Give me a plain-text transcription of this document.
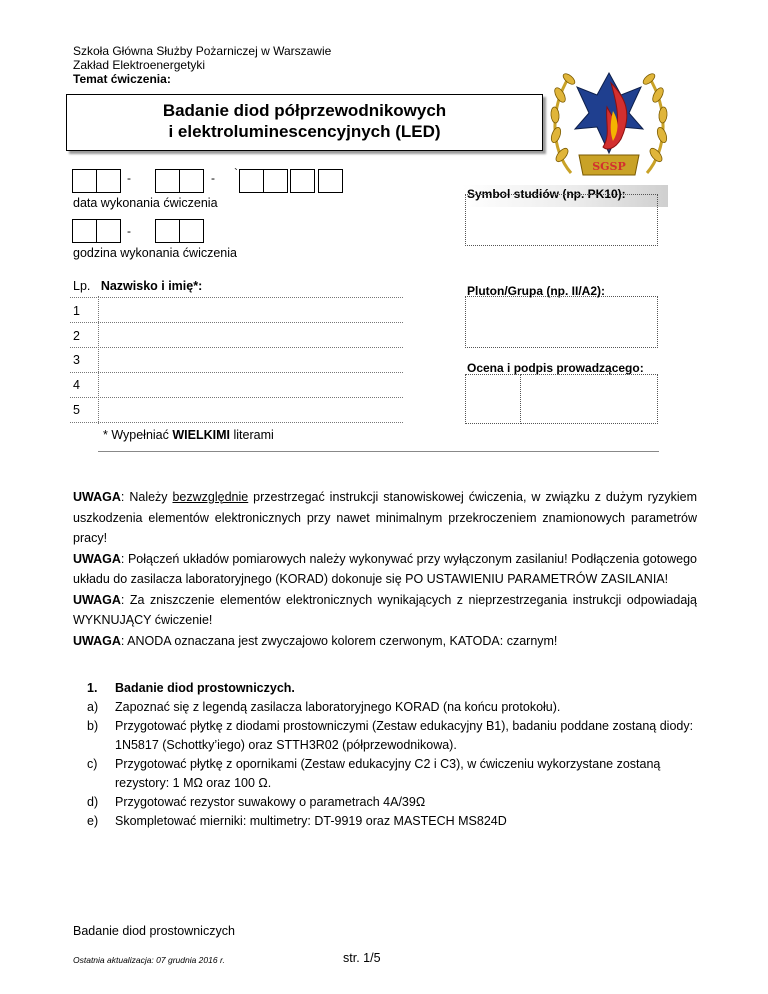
Szkoła Główna Służby Pożarniczej w Warszawie
Zakład Elektroenergetyki
Temat ćwiczenia:
Badanie diod półprzewodnikowych
i elektroluminescencyjnych (LED)
SGSP
-	- `
data wykonania ćwiczenia
-
godzina wykonania ćwiczenia
Lp. Nazwisko i imię*:
1
2
3
4
5
* Wypełniać WIELKIMI literami
Symbol studiów (np. PK10):
Pluton/Grupa (np. II/A2):
Ocena i podpis prowadzącego:
UWAGA: Należy bezwzględnie przestrzegać instrukcji stanowiskowej ćwiczenia, w związku z dużym ryzykiem uszkodzenia elementów elektronicznych przy nawet minimalnym przekroczeniem znamionowych parametrów pracy!
UWAGA: Połączeń układów pomiarowych należy wykonywać przy wyłączonym zasilaniu! Podłączenia gotowego układu do zasilacza laboratoryjnego (KORAD) dokonuje się PO USTAWIENIU PARAMETRÓW ZASILANIA!
UWAGA: Za zniszczenie elementów elektronicznych wynikających z nieprzestrzegania instrukcji odpowiadają WYKNUJĄCY ćwiczenie!
UWAGA: ANODA oznaczana jest zwyczajowo kolorem czerwonym, KATODA: czarnym!
1. Badanie diod prostowniczych.
a) Zapoznać się z legendą zasilacza laboratoryjnego KORAD (na końcu protokołu).
b) Przygotować płytkę z diodami prostowniczymi (Zestaw edukacyjny B1), badaniu poddane zostaną diody: 1N5817 (Schottky’iego) oraz STTH3R02 (półprzewodnikowa).
c) Przygotować płytkę z opornikami (Zestaw edukacyjny C2 i C3), w ćwiczeniu wykorzystane zostaną rezystory: 1 MΩ oraz 100 Ω.
d) Przygotować rezystor suwakowy o parametrach 4A/39Ω
e) Skompletować mierniki: multimetry: DT-9919 oraz MASTECH MS824D
Badanie diod prostowniczych
Ostatnia aktualizacja: 07 grudnia 2016 r.	str. 1/5
